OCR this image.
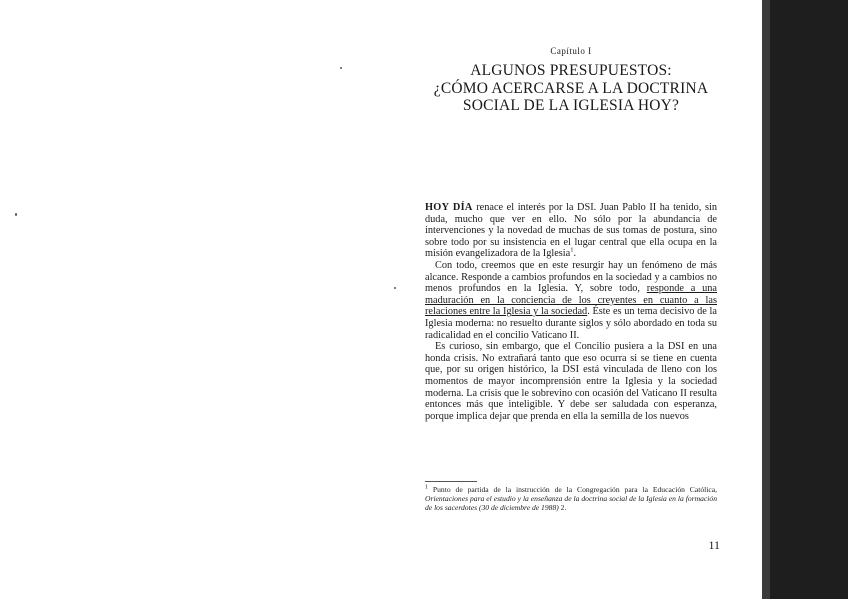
Capítulo I
ALGUNOS PRESUPUESTOS:
¿CÓMO ACERCARSE A LA DOCTRINA
SOCIAL DE LA IGLESIA HOY?

HOY DÍA renace el interés por la DSI. Juan Pablo II ha tenido, sin duda, mucho que ver en ello. No sólo por la abundancia de intervenciones y la novedad de muchas de sus tomas de postura, sino sobre todo por su insistencia en el lugar central que ella ocupa en la misión evangelizadora de la Iglesia$^1$.

Con todo, creemos que en este resurgir hay un fenómeno de más alcance. Responde a cambios profundos en la sociedad y a cambios no menos profundos en la Iglesia. Y, sobre todo, responde a una maduración en la conciencia de los creyentes en cuanto a las relaciones entre la Iglesia y la sociedad. Éste es un tema decisivo de la Iglesia moderna: no resuelto durante siglos y sólo abordado en toda su radicalidad en el concilio Vaticano II.

Es curioso, sin embargo, que el Concilio pusiera a la DSI en una honda crisis. No extrañará tanto que eso ocurra si se tiene en cuenta que, por su origen histórico, la DSI está vinculada de lleno con los momentos de mayor incomprensión entre la Iglesia y la sociedad moderna. La crisis que le sobrevino con ocasión del Vaticano II resulta entonces más que inteligible. Y debe ser saludada con esperanza, porque implica dejar que prenda en ella la semilla de los nuevos

$^1$ Punto de partida de la instrucción de la Congregación para la Educación Católica, Orientaciones para el estudio y la enseñanza de la doctrina social de la Iglesia en la formación de los sacerdotes (30 de diciembre de 1988) 2.

11
